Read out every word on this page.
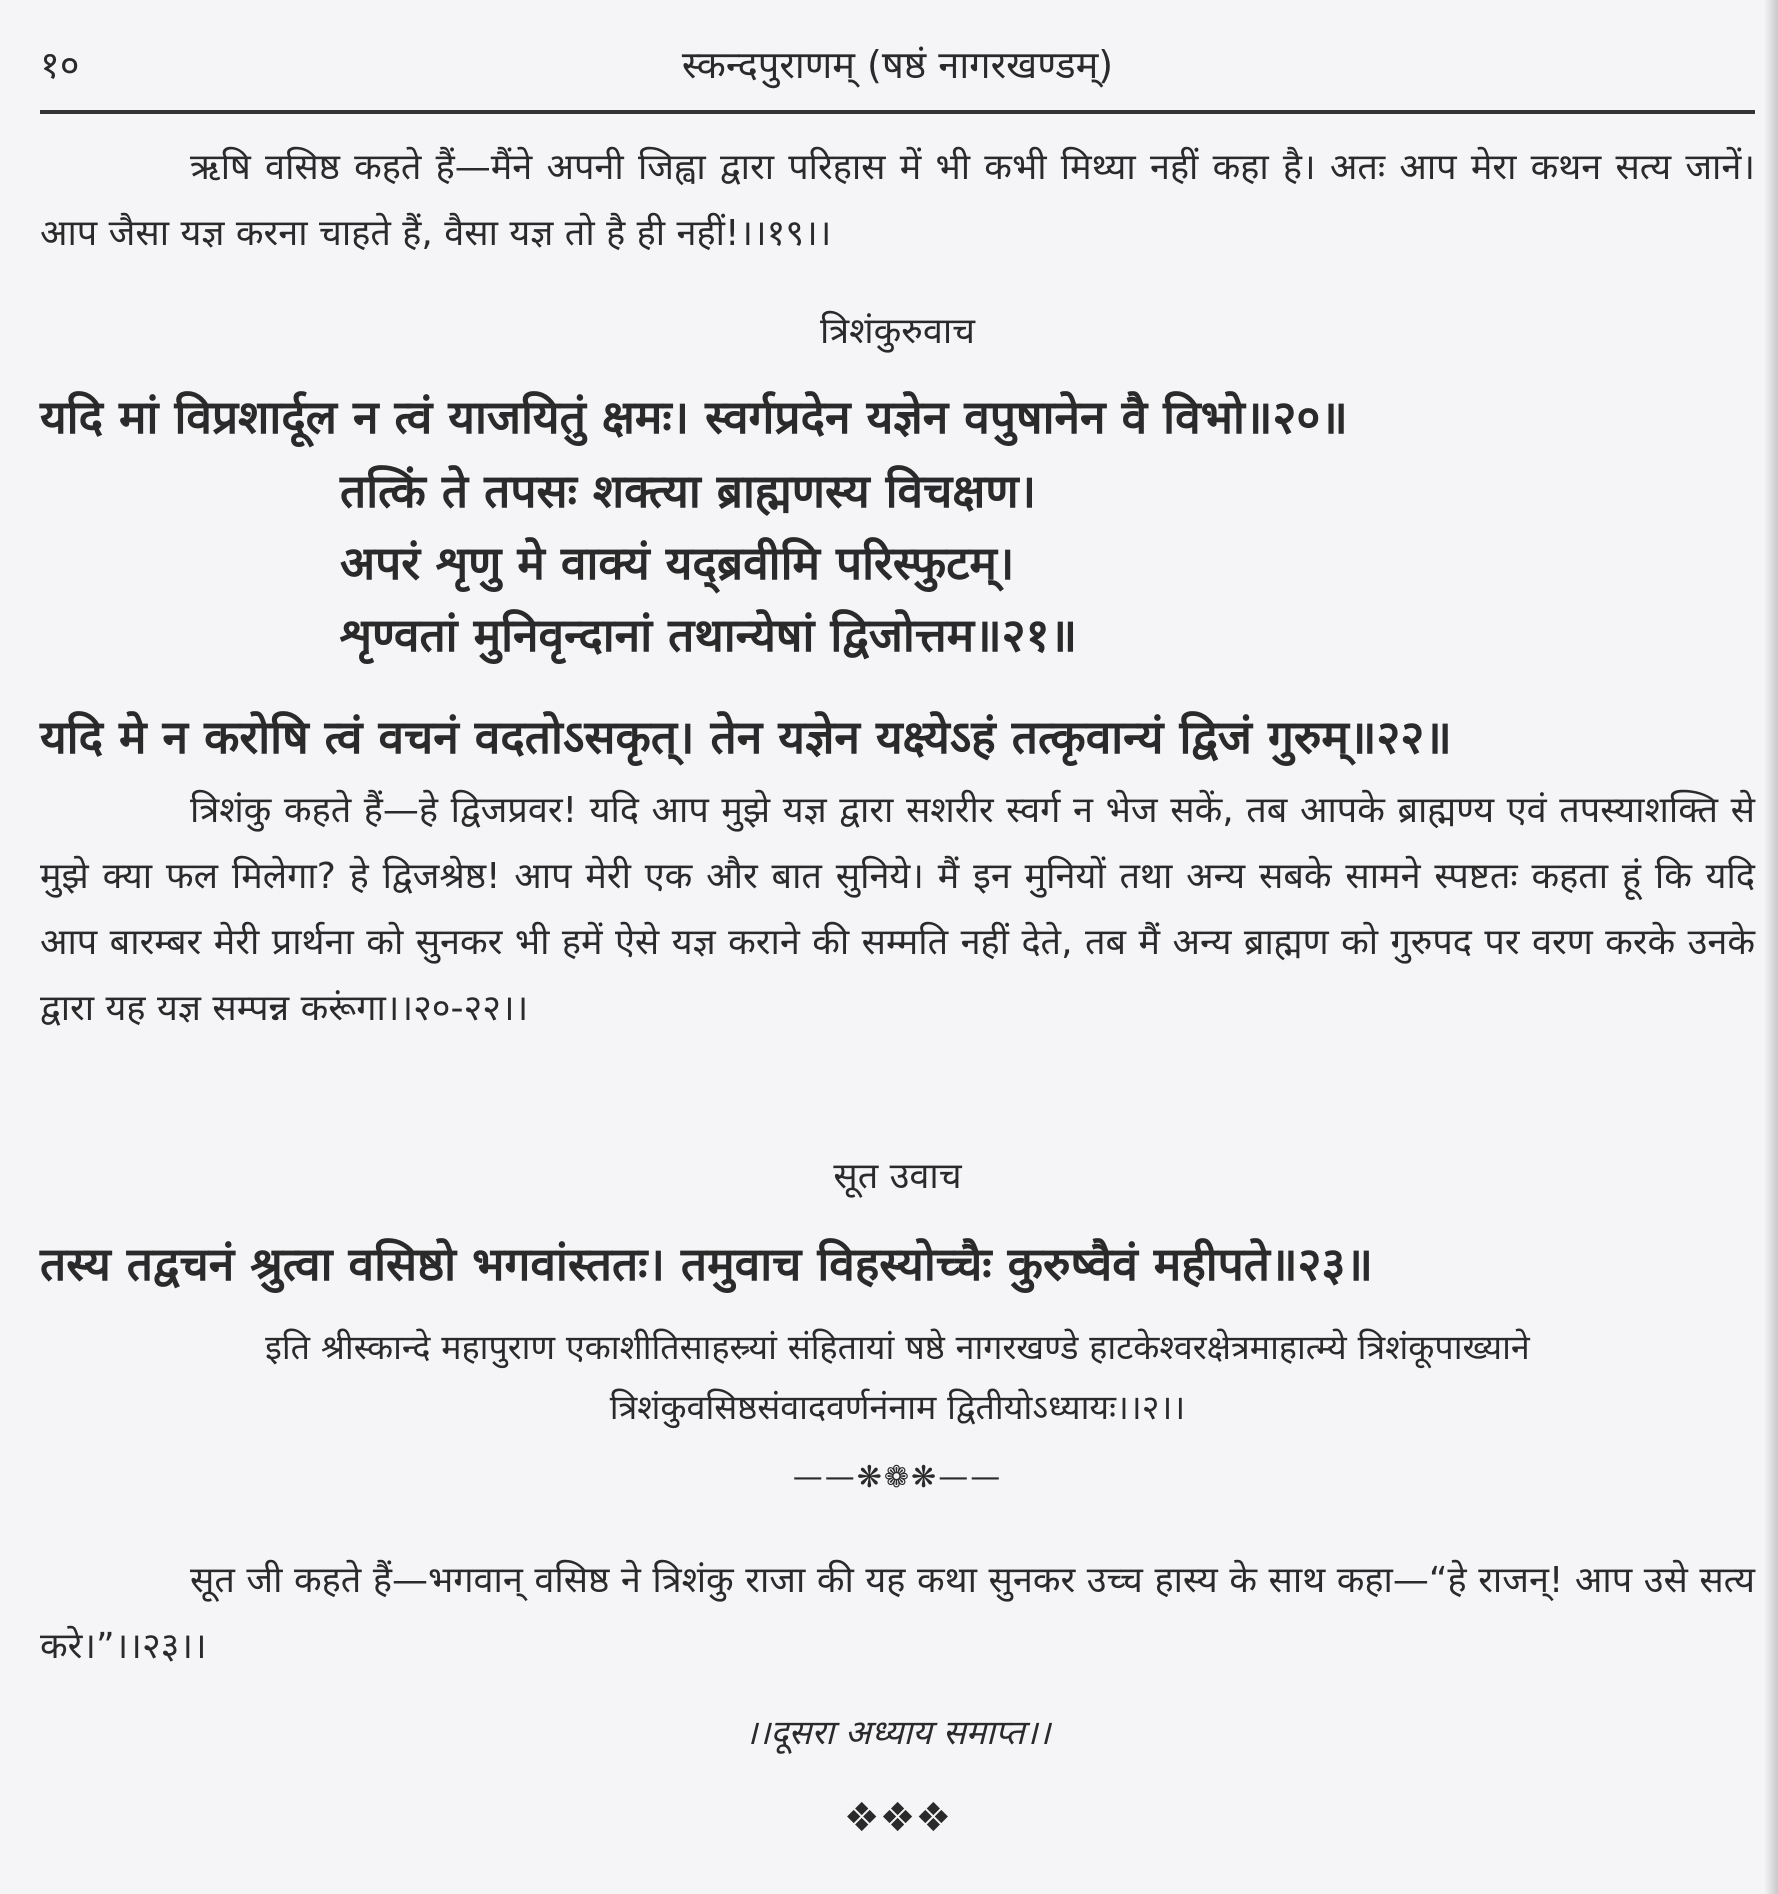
१०	स्कन्दपुराणम् (षष्ठं नागरखण्डम्)

ऋषि वसिष्ठ कहते हैं—मैंने अपनी जिह्वा द्वारा परिहास में भी कभी मिथ्या नहीं कहा है। अतः आप मेरा कथन सत्य जानें। आप जैसा यज्ञ करना चाहते हैं, वैसा यज्ञ तो है ही नहीं!।।१९।।

त्रिशंकुरुवाच

यदि मां विप्रशार्दूल न त्वं याजयितुं क्षमः। स्वर्गप्रदेन यज्ञेन वपुषानेन वै विभो॥२०॥

तत्किं ते तपसः शक्त्या ब्राह्मणस्य विचक्षण।

अपरं शृणु मे वाक्यं यद्ब्रवीमि परिस्फुटम्।

शृण्वतां मुनिवृन्दानां तथान्येषां द्विजोत्तम॥२१॥

यदि मे न करोषि त्वं वचनं वदतोऽसकृत्। तेन यज्ञेन यक्ष्येऽहं तत्कृवान्यं द्विजं गुरुम्॥२२॥

त्रिशंकु कहते हैं—हे द्विजप्रवर! यदि आप मुझे यज्ञ द्वारा सशरीर स्वर्ग न भेज सकें, तब आपके ब्राह्मण्य एवं तपस्याशक्ति से मुझे क्या फल मिलेगा? हे द्विजश्रेष्ठ! आप मेरी एक और बात सुनिये। मैं इन मुनियों तथा अन्य सबके सामने स्पष्टतः कहता हूं कि यदि आप बारम्बर मेरी प्रार्थना को सुनकर भी हमें ऐसे यज्ञ कराने की सम्मति नहीं देते, तब मैं अन्य ब्राह्मण को गुरुपद पर वरण करके उनके द्वारा यह यज्ञ सम्पन्न करूंगा।।२०-२२।।

सूत उवाच

तस्य तद्वचनं श्रुत्वा वसिष्ठो भगवांस्ततः। तमुवाच विहस्योच्चैः कुरुष्वैवं महीपते॥२३॥

इति श्रीस्कान्दे महापुराण एकाशीतिसाहस्र्यां संहितायां षष्ठे नागरखण्डे हाटकेश्वरक्षेत्रमाहात्म्ये त्रिशंकूपाख्याने

त्रिशंकुवसिष्ठसंवादवर्णनंनाम द्वितीयोऽध्यायः।।२।।

——❋❁❋——

सूत जी कहते हैं—भगवान् वसिष्ठ ने त्रिशंकु राजा की यह कथा सुनकर उच्च हास्य के साथ कहा—“हे राजन्! आप उसे सत्य करे।”।।२३।।

।।दूसरा अध्याय समाप्त।।

❖❖❖
